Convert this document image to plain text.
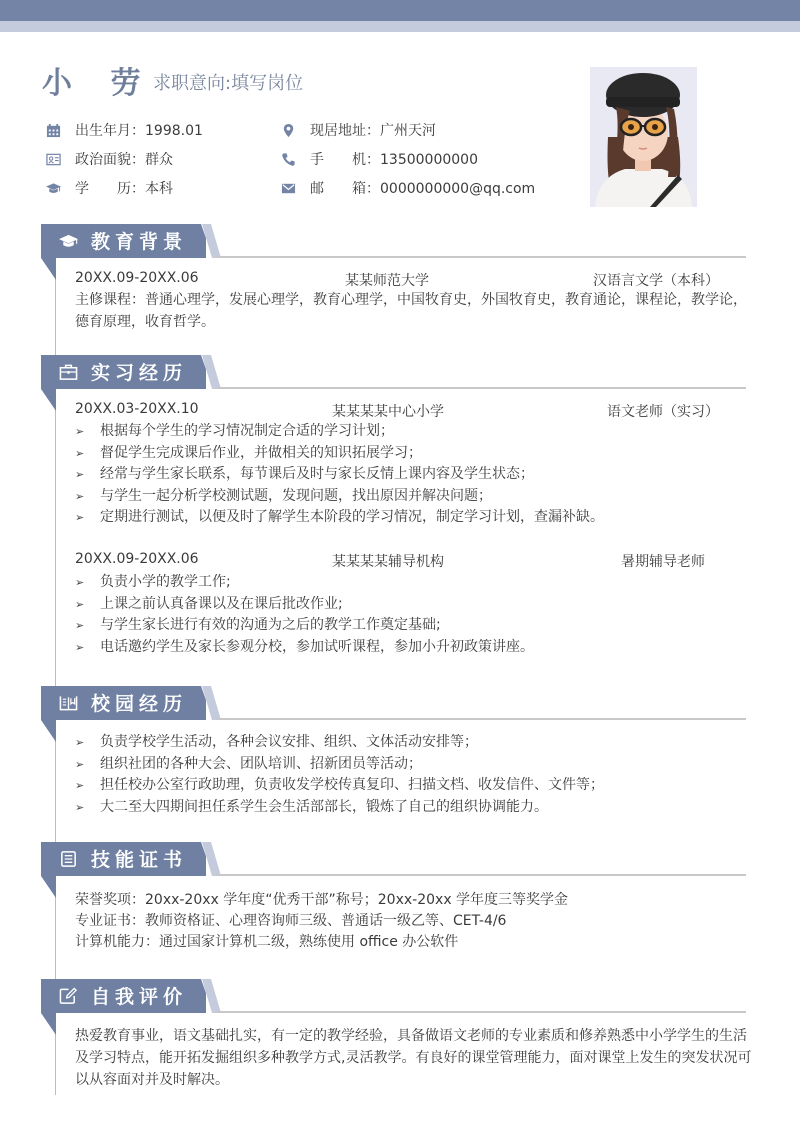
小 劳
求职意向:填写岗位
出生年月：1998.01
政治面貌：群众
学　　历：本科
现居地址：广州天河
手　　机：13500000000
邮　　箱：0000000000@qq.com
教育背景
20XX.09-20XX.06	某某师范大学	汉语言文学（本科）
主修课程：普通心理学，发展心理学，教育心理学，中国牧育史，外国牧育史，教育通论，课程论，教学论，德育原理，收育哲学。
实习经历
20XX.03-20XX.10	某某某某中心小学	语文老师（实习）
➢	根据每个学生的学习情况制定合适的学习计划；
➢	督促学生完成课后作业，并做相关的知识拓展学习；
➢	经常与学生家长联系，每节课后及时与家长反情上课内容及学生状态；
➢	与学生一起分析学校测试题，发现问题，找出原因并解决问题；
➢	定期进行测试，以便及时了解学生本阶段的学习情况，制定学习计划，查漏补缺。
20XX.09-20XX.06	某某某某辅导机构	暑期辅导老师
➢	负责小学的教学工作;
➢	上课之前认真备课以及在课后批改作业;
➢	与学生家长进行有效的沟通为之后的教学工作奠定基础;
➢	电话邀约学生及家长参观分校，参加试听课程，参加小升初政策讲座。
校园经历
➢	负责学校学生活动，各种会议安排、组织、文体活动安排等；
➢	组织社团的各种大会、团队培训、招新团员等活动；
➢	担任校办公室行政助理，负责收发学校传真复印、扫描文档、收发信件、文件等；
➢	大二至大四期间担任系学生会生活部部长，锻炼了自己的组织协调能力。
技能证书
荣誉奖项：20xx-20xx 学年度“优秀干部”称号；20xx-20xx 学年度三等奖学金
专业证书：教师资格证、心理咨询师三级、普通话一级乙等、CET-4/6
计算机能力：通过国家计算机二级，熟练使用 office 办公软件
自我评价
热爱教育事业，语文基础扎实，有一定的教学经验，具备做语文老师的专业素质和修养熟悉中小学学生的生活及学习特点，能开拓发掘组织多种教学方式,灵活教学。有良好的课堂管理能力，面对课堂上发生的突发状况可以从容面对并及时解决。
